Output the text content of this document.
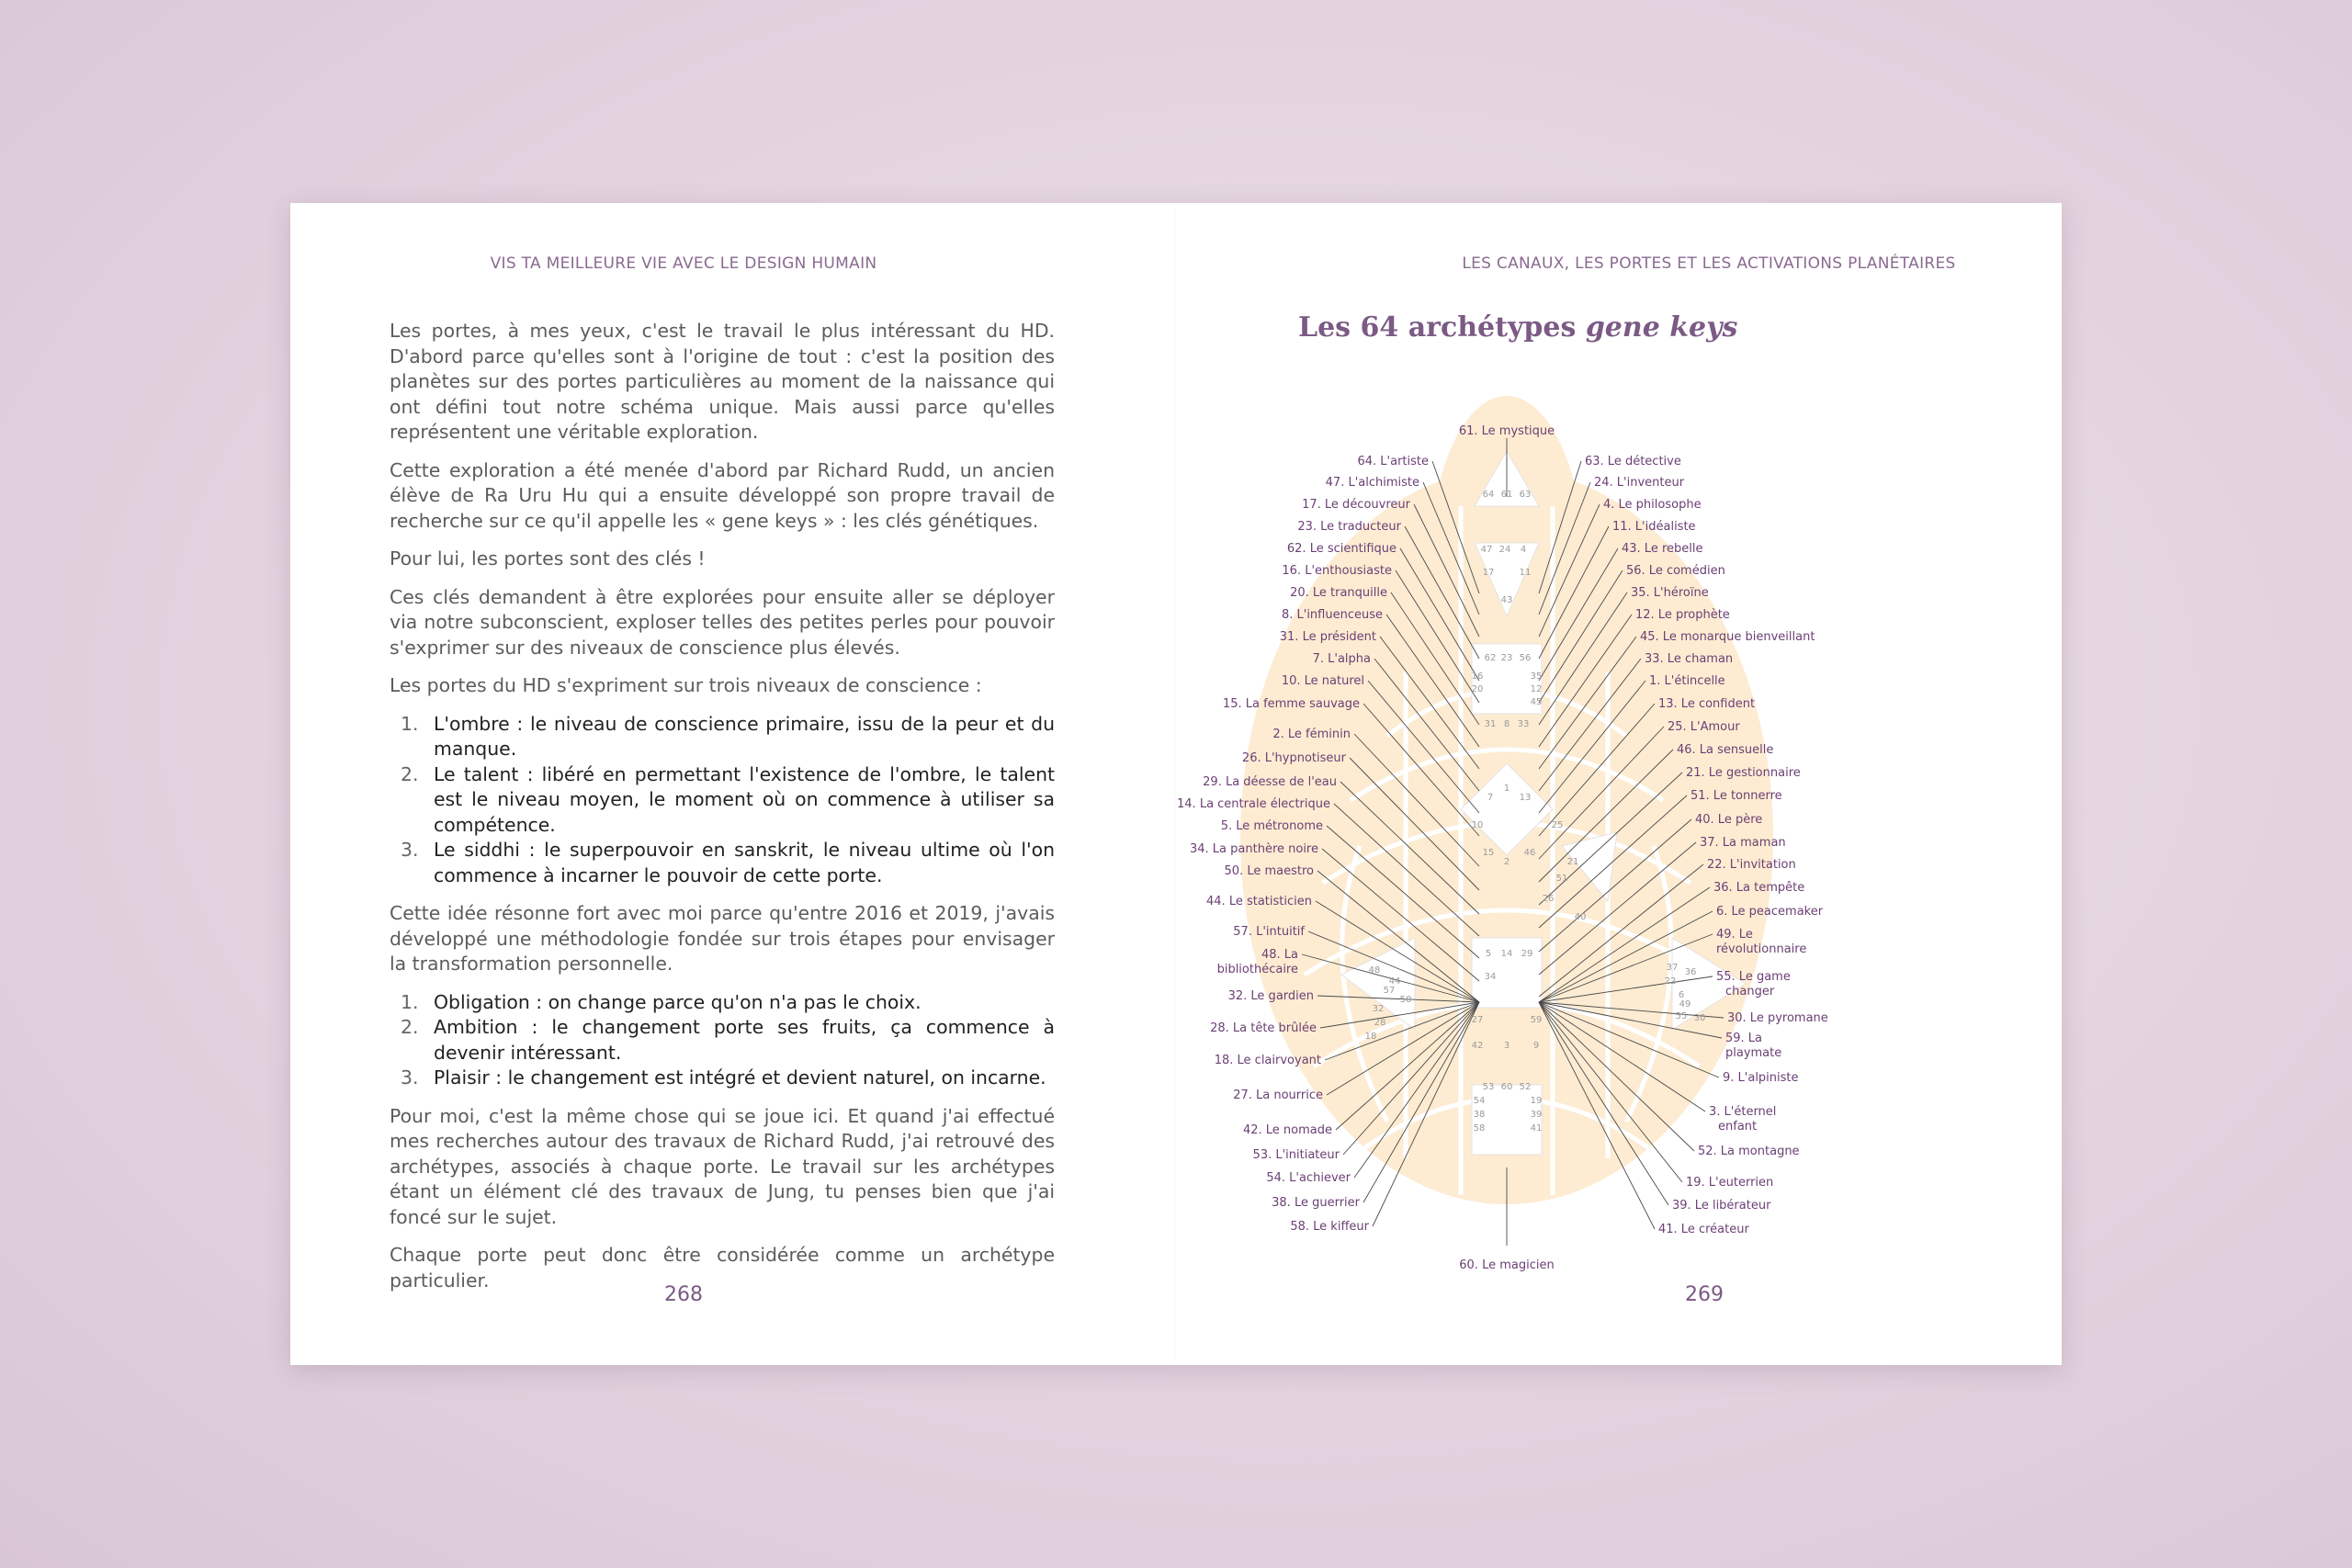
VIS TA MEILLEURE VIE AVEC LE DESIGN HUMAIN

Les portes, à mes yeux, c'est le travail le plus intéressant du HD. D'abord parce qu'elles sont à l'origine de tout : c'est la position des planètes sur des portes particulières au moment de la naissance qui ont défini tout notre schéma unique. Mais aussi parce qu'elles représentent une véritable exploration.

Cette exploration a été menée d'abord par Richard Rudd, un ancien élève de Ra Uru Hu qui a ensuite développé son propre travail de recherche sur ce qu'il appelle les « gene keys » : les clés génétiques.

Pour lui, les portes sont des clés !

Ces clés demandent à être explorées pour ensuite aller se déployer via notre subconscient, exploser telles des petites perles pour pouvoir s'exprimer sur des niveaux de conscience plus élevés.

Les portes du HD s'expriment sur trois niveaux de conscience :

1. L'ombre : le niveau de conscience primaire, issu de la peur et du manque.
2. Le talent : libéré en permettant l'existence de l'ombre, le talent est le niveau moyen, le moment où on commence à utiliser sa compétence.
3. Le siddhi : le superpouvoir en sanskrit, le niveau ultime où l'on commence à incarner le pouvoir de cette porte.

Cette idée résonne fort avec moi parce qu'entre 2016 et 2019, j'avais développé une méthodologie fondée sur trois étapes pour envisager la transformation personnelle.

1. Obligation : on change parce qu'on n'a pas le choix.
2. Ambition : le changement porte ses fruits, ça commence à devenir intéressant.
3. Plaisir : le changement est intégré et devient naturel, on incarne.

Pour moi, c'est la même chose qui se joue ici. Et quand j'ai effectué mes recherches autour des travaux de Richard Rudd, j'ai retrouvé des archétypes, associés à chaque porte. Le travail sur les archétypes étant un élément clé des travaux de Jung, tu penses bien que j'ai foncé sur le sujet.

Chaque porte peut donc être considérée comme un archétype particulier.

268
LES CANAUX, LES PORTES ET LES ACTIVATIONS PLANÉTAIRES
Les 64 archétypes gene keys
64 61 63
47 24 4
17	11
43
62 23 56
16	35
20	12
45
31 8 33
7
1
13
10	25
15	46
2	21
51
26
40
5 14 29
34
44
48
57
50
32
28
18
37
22
36
6
49
55 30
27
42 3	9
59
53 60 52
54	19
38	39
58	41
64. L'artiste
47. L'alchimiste
17. Le découvreur
23. Le traducteur
62. Le scientifique
16. L'enthousiaste
20. Le tranquille
8. L'influenceuse
31. Le président
7. L'alpha
10. Le naturel
15. La femme sauvage
2. Le féminin
26. L'hypnotiseur
29. La déesse de l'eau
14. La centrale électrique
5. Le métronome
34. La panthère noire
50. Le maestro
44. Le statisticien
57. L'intuitif
48. La
bibliothécaire
32. Le gardien
28. La tête brûlée
18. Le clairvoyant
27. La nourrice
42. Le nomade
53. L'initiateur
54. L'achiever
38. Le guerrier
58. Le kiffeur
63. Le détective
24. L'inventeur
4. Le philosophe
11. L'idéaliste
43. Le rebelle
56. Le comédien
35. L'héroïne
12. Le prophète
45. Le monarque bienveillant
33. Le chaman
1. L'étincelle
13. Le confident
25. L'Amour
46. La sensuelle
21. Le gestionnaire
51. Le tonnerre
40. Le père
37. La maman
22. L'invitation
36. La tempête
6. Le peacemaker
49. Le
révolutionnaire
55. Le game
changer
30. Le pyromane
59. La
playmate
9. L'alpiniste
3. L'éternel
enfant
52. La montagne
19. L'euterrien
39. Le libérateur
41. Le créateur
61. Le mystique
60. Le magicien
269
